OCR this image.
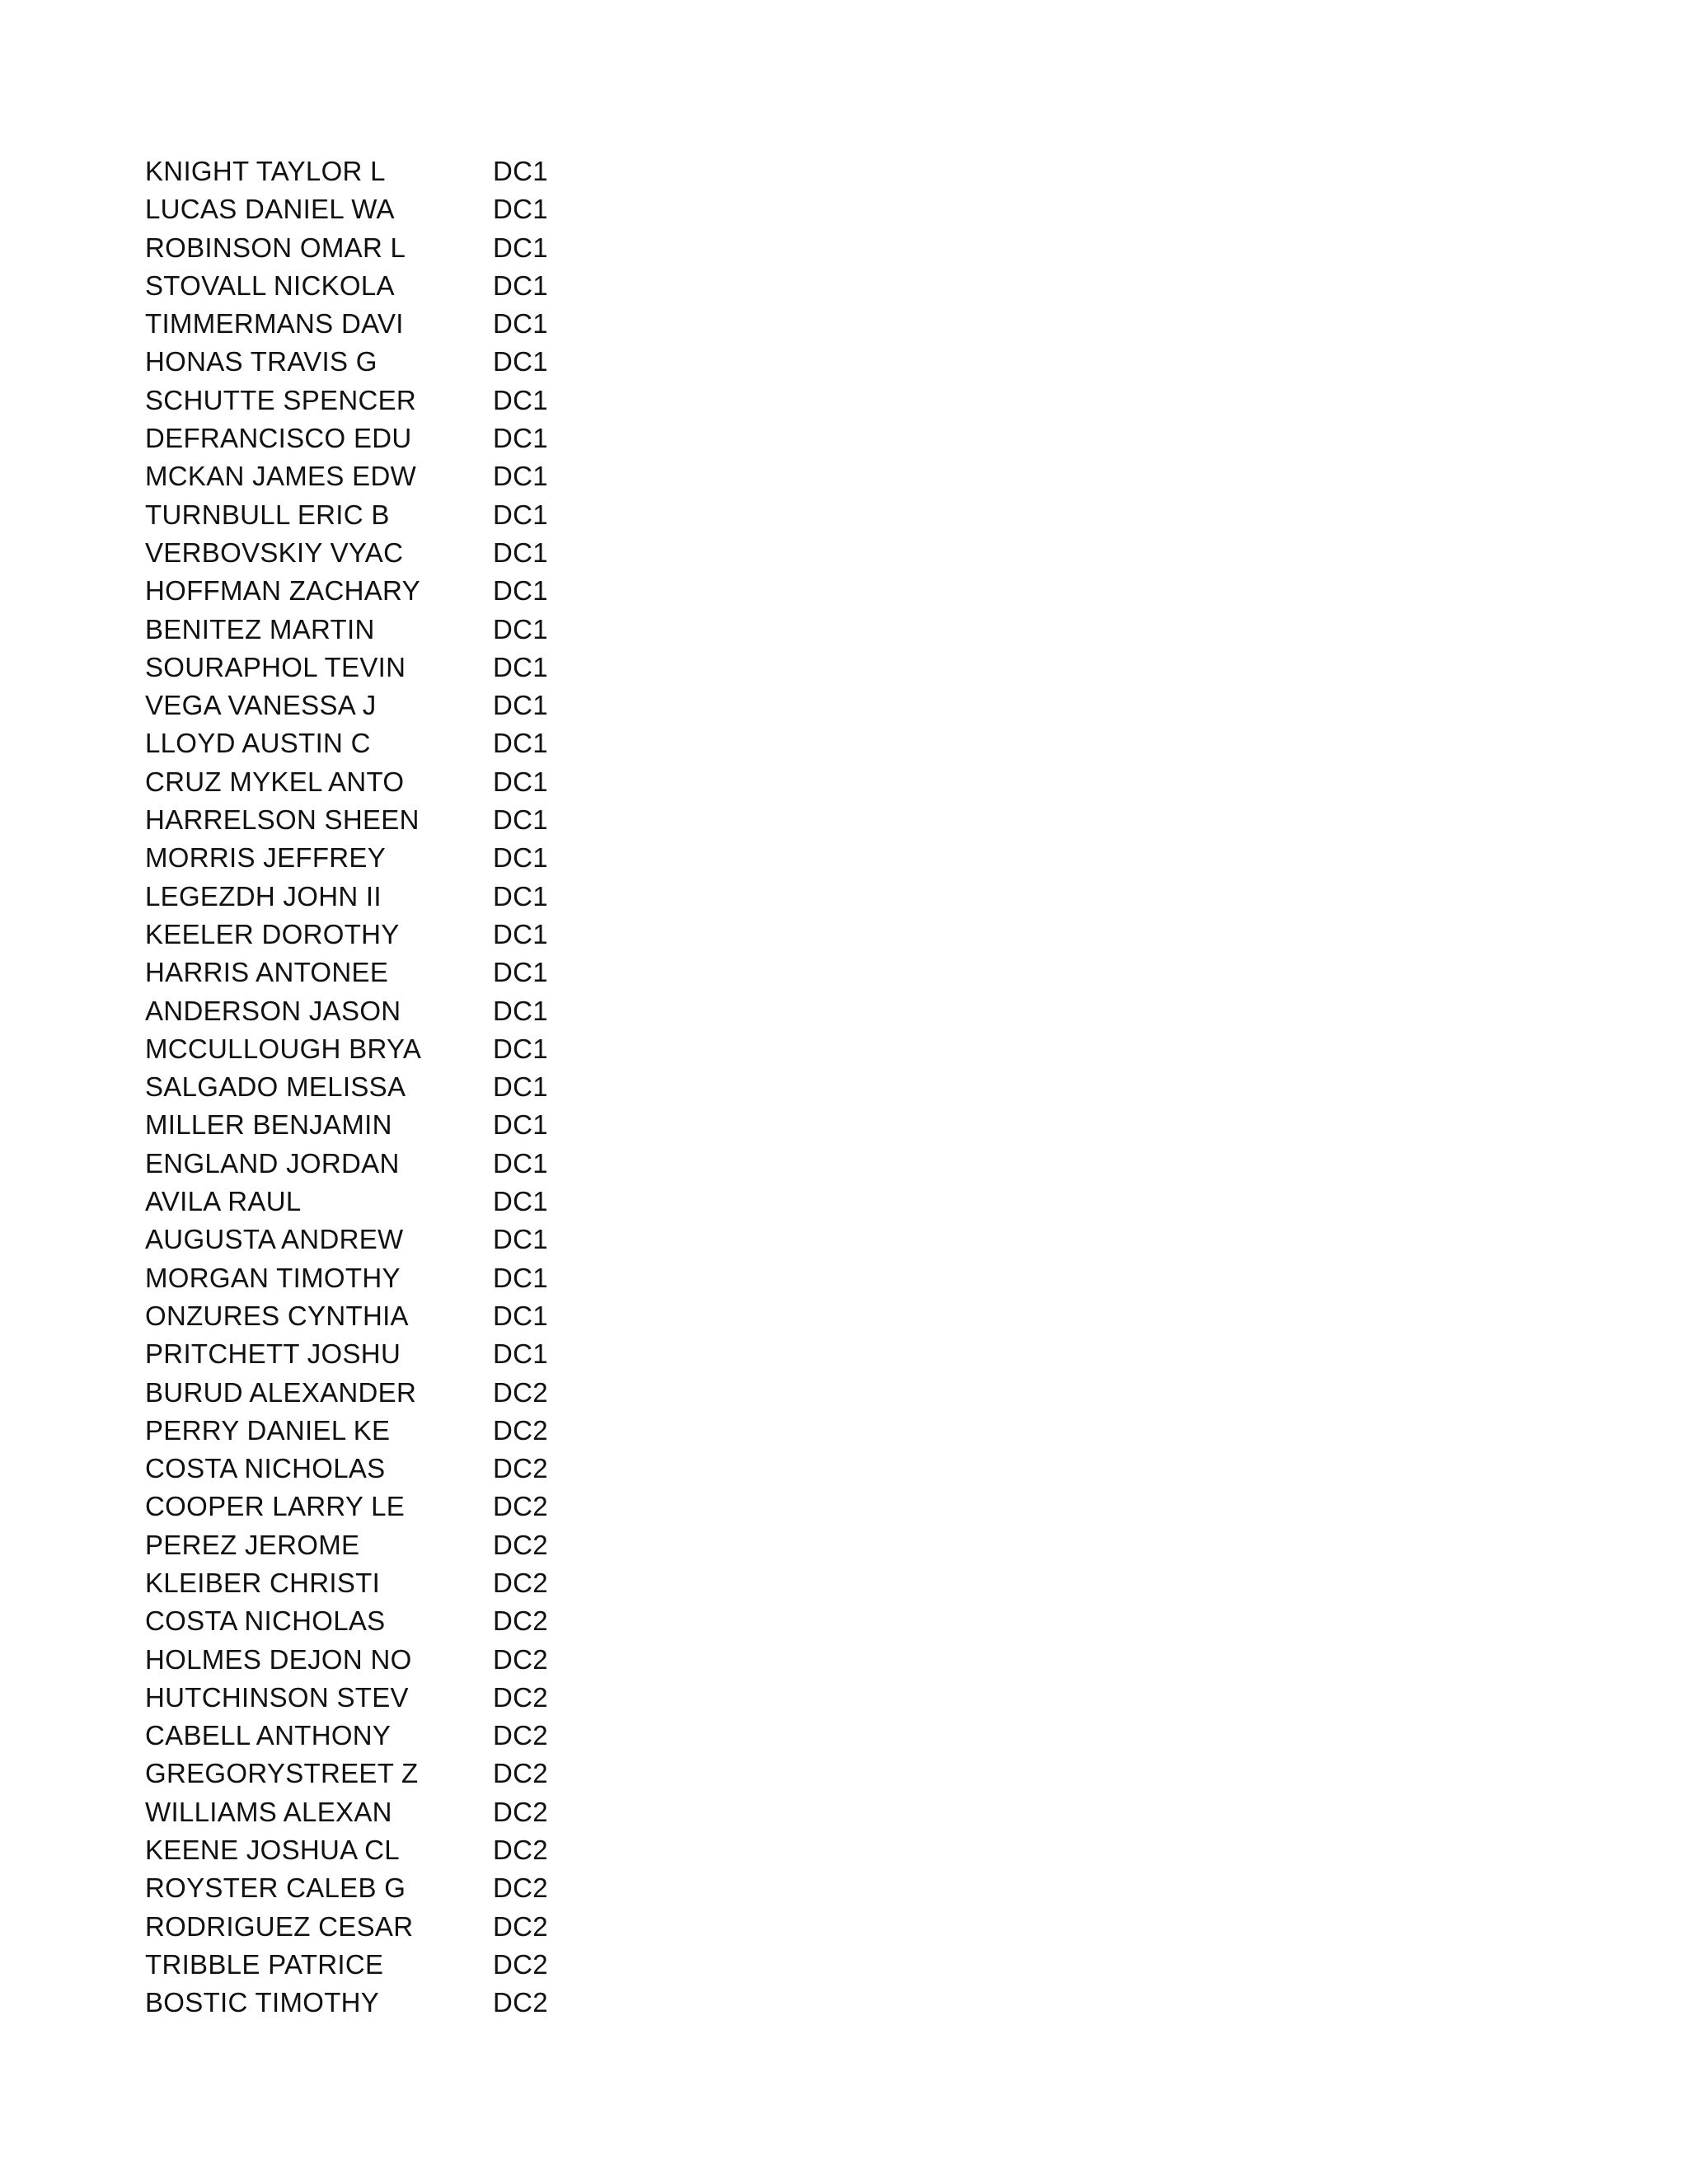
KNIGHT TAYLOR L	DC1
LUCAS DANIEL WA	DC1
ROBINSON OMAR L	DC1
STOVALL NICKOLA	DC1
TIMMERMANS DAVI	DC1
HONAS TRAVIS G	DC1
SCHUTTE SPENCER	DC1
DEFRANCISCO EDU	DC1
MCKAN JAMES EDW	DC1
TURNBULL ERIC B	DC1
VERBOVSKIY VYAC	DC1
HOFFMAN ZACHARY	DC1
BENITEZ MARTIN	DC1
SOURAPHOL TEVIN	DC1
VEGA VANESSA J	DC1
LLOYD AUSTIN C	DC1
CRUZ MYKEL ANTO	DC1
HARRELSON SHEEN	DC1
MORRIS JEFFREY	DC1
LEGEZDH JOHN II	DC1
KEELER DOROTHY	DC1
HARRIS ANTONEE	DC1
ANDERSON JASON	DC1
MCCULLOUGH BRYA	DC1
SALGADO MELISSA	DC1
MILLER BENJAMIN	DC1
ENGLAND JORDAN	DC1
AVILA RAUL	DC1
AUGUSTA ANDREW	DC1
MORGAN TIMOTHY	DC1
ONZURES CYNTHIA	DC1
PRITCHETT JOSHU	DC1
BURUD ALEXANDER	DC2
PERRY DANIEL KE	DC2
COSTA NICHOLAS	DC2
COOPER LARRY LE	DC2
PEREZ JEROME	DC2
KLEIBER CHRISTI	DC2
COSTA NICHOLAS	DC2
HOLMES DEJON NO	DC2
HUTCHINSON STEV	DC2
CABELL ANTHONY	DC2
GREGORYSTREET Z	DC2
WILLIAMS ALEXAN	DC2
KEENE JOSHUA CL	DC2
ROYSTER CALEB G	DC2
RODRIGUEZ CESAR	DC2
TRIBBLE PATRICE	DC2
BOSTIC TIMOTHY	DC2
